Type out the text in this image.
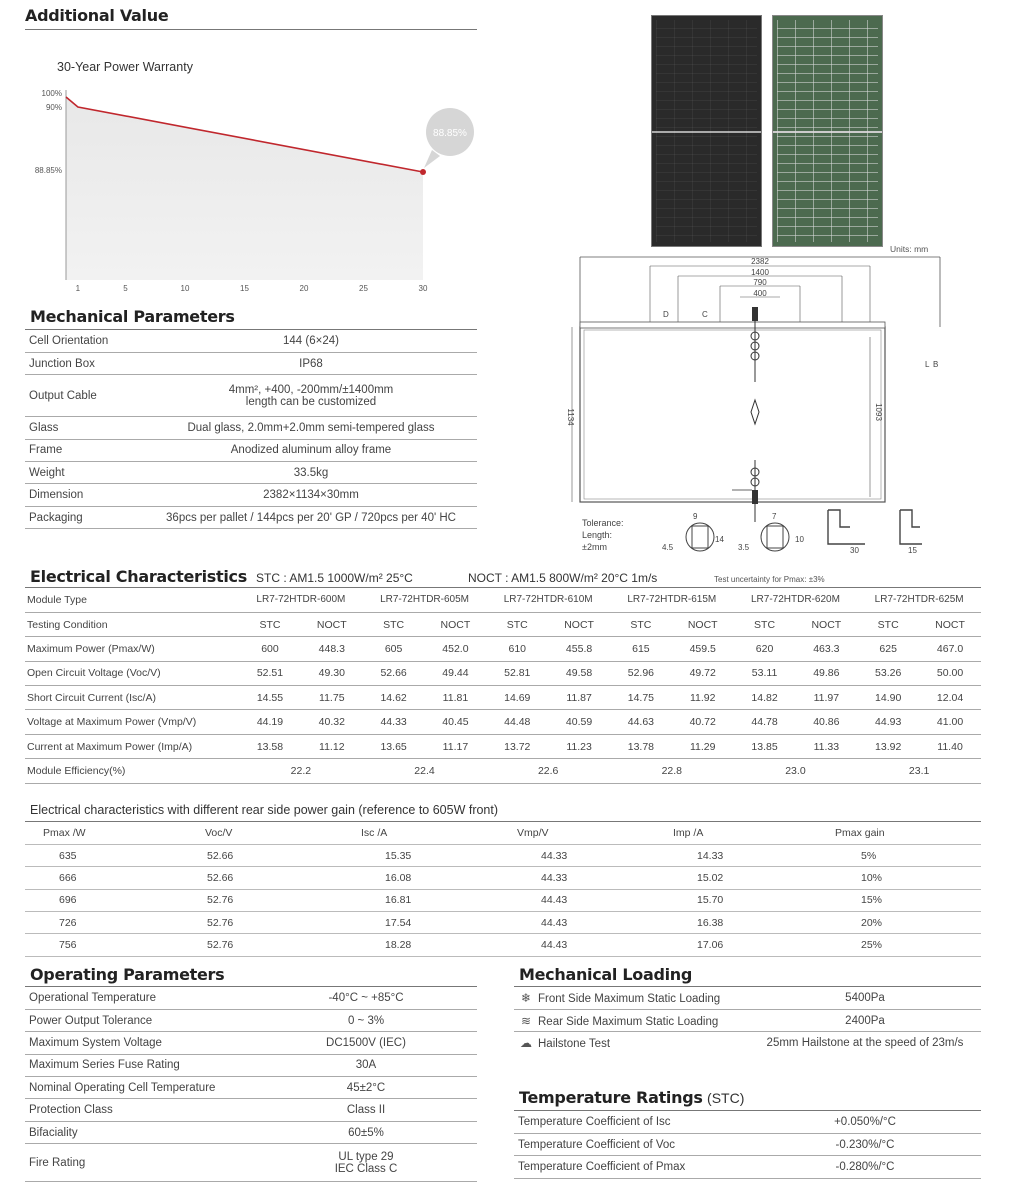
Additional Value
30-Year Power Warranty
100%
90%
88.85%
1	5	10	15	20	25	30
88.85%
Mechanical Parameters
Cell Orientation	144 (6×24)

Junction Box	IP68

Output Cable	4mm², +400, -200mm/±1400mm
length can be customized

Glass	Dual glass, 2.0mm+2.0mm semi-tempered glass

Frame	Anodized aluminum alloy frame

Weight	33.5kg

Dimension	2382×1134×30mm

Packaging	36pcs per pallet / 144pcs per 20' GP / 720pcs per 40' HC
Units: mm
2382
1400
790
400
D	C
1134	1093
L B
Tolerance:
Length:
±2mm
9
14
4.5
7
10
3.5	30	15
Electrical Characteristics STC : AM1.5 1000W/m² 25°C	NOCT : AM1.5 800W/m² 20°C 1m/s	Test uncertainty for Pmax: ±3%
Module Type	LR7-72HTDR-600M		LR7-72HTDR-605M		LR7-72HTDR-610M		LR7-72HTDR-615M		LR7-72HTDR-620M		LR7-72HTDR-625M	
Testing Condition	STC	NOCT	STC	NOCT	STC	NOCT	STC	NOCT	STC	NOCT	STC	NOCT
Maximum Power (Pmax/W)	600	448.3	605	452.0	610	455.8	615	459.5	620	463.3	625	467.0
Open Circuit Voltage (Voc/V)	52.51	49.30	52.66	49.44	52.81	49.58	52.96	49.72	53.11	49.86	53.26	50.00
Short Circuit Current (Isc/A)	14.55	11.75	14.62	11.81	14.69	11.87	14.75	11.92	14.82	11.97	14.90	12.04
Voltage at Maximum Power (Vmp/V)	44.19	40.32	44.33	40.45	44.48	40.59	44.63	40.72	44.78	40.86	44.93	41.00
Current at Maximum Power (Imp/A)	13.58	11.12	13.65	11.17	13.72	11.23	13.78	11.29	13.85	11.33	13.92	11.40
Module Efficiency(%)	22.2		22.4		22.6		22.8		23.0		23.1	
Electrical characteristics with different rear side power gain (reference to 605W front)
Pmax /W	Voc/V	Isc /A	Vmp/V	Imp /A	Pmax gain
635	52.66	15.35	44.33	14.33	5%
666	52.66	16.08	44.33	15.02	10%
696	52.76	16.81	44.43	15.70	15%
726	52.76	17.54	44.43	16.38	20%
756	52.76	18.28	44.43	17.06	25%
Operating Parameters
Operational Temperature	-40°C ~ +85°C

Power Output Tolerance	0 ~ 3%

Maximum System Voltage	DC1500V (IEC)

Maximum Series Fuse Rating	30A

Nominal Operating Cell Temperature	45±2°C

Protection Class	Class II

Bifaciality	60±5%

Fire Rating	UL type 29
IEC Class C
Mechanical Loading
❄ Front Side Maximum Static Loading	5400Pa
≋ Rear Side Maximum Static Loading	2400Pa
☁ Hailstone Test	25mm Hailstone at the speed of 23m/s
Temperature Ratings (STC)
Temperature Coefficient of Isc	+0.050%/°C
Temperature Coefficient of Voc	-0.230%/°C
Temperature Coefficient of Pmax	-0.280%/°C
